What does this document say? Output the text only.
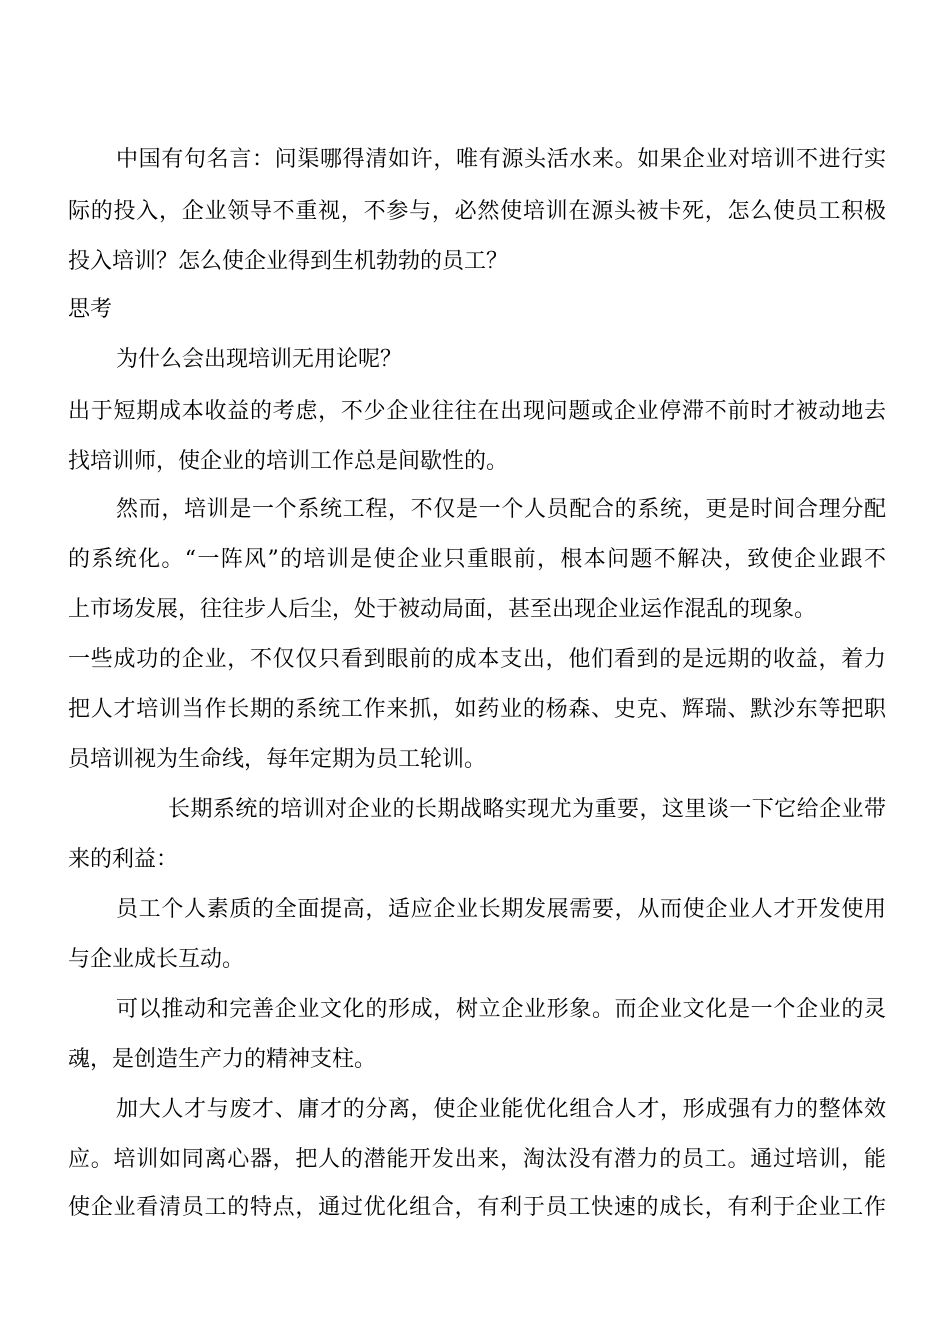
中国有句名言：问渠哪得清如许，唯有源头活水来。如果企业对培训不进行实
际的投入，企业领导不重视，不参与，必然使培训在源头被卡死，怎么使员工积极
投入培训？怎么使企业得到生机勃勃的员工？
思考
为什么会出现培训无用论呢？
出于短期成本收益的考虑，不少企业往往在出现问题或企业停滞不前时才被动地去
找培训师，使企业的培训工作总是间歇性的。
然而，培训是一个系统工程，不仅是一个人员配合的系统，更是时间合理分配
的系统化。“一阵风”的培训是使企业只重眼前，根本问题不解决，致使企业跟不
上市场发展，往往步人后尘，处于被动局面，甚至出现企业运作混乱的现象。
一些成功的企业，不仅仅只看到眼前的成本支出，他们看到的是远期的收益，着力
把人才培训当作长期的系统工作来抓，如药业的杨森、史克、辉瑞、默沙东等把职
员培训视为生命线，每年定期为员工轮训。
长期系统的培训对企业的长期战略实现尤为重要，这里谈一下它给企业带
来的利益：
员工个人素质的全面提高，适应企业长期发展需要，从而使企业人才开发使用
与企业成长互动。
可以推动和完善企业文化的形成，树立企业形象。而企业文化是一个企业的灵
魂，是创造生产力的精神支柱。
加大人才与废才、庸才的分离，使企业能优化组合人才，形成强有力的整体效
应。培训如同离心器，把人的潜能开发出来，淘汰没有潜力的员工。通过培训，能
使企业看清员工的特点，通过优化组合，有利于员工快速的成长，有利于企业工作
